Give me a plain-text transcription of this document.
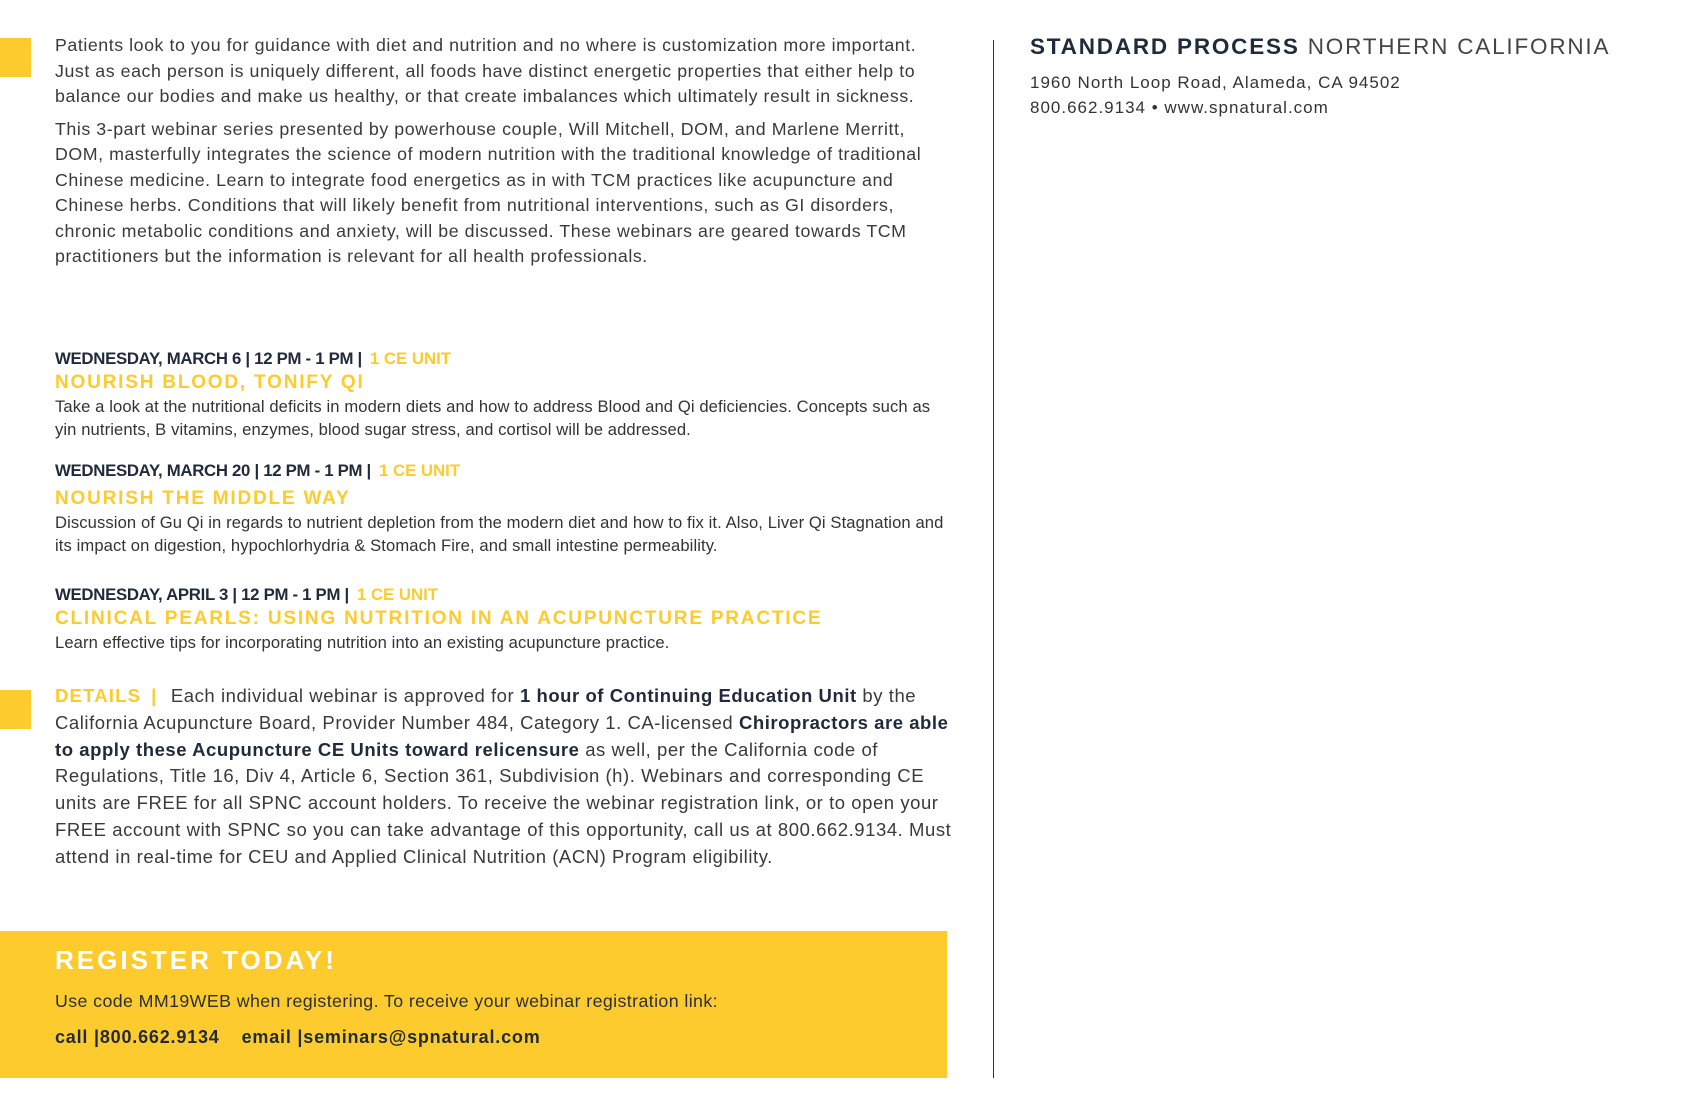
Patients look to you for guidance with diet and nutrition and no where is customization more important. Just as each person is uniquely different, all foods have distinct energetic properties that either help to balance our bodies and make us healthy, or that create imbalances which ultimately result in sickness.

This 3-part webinar series presented by powerhouse couple, Will Mitchell, DOM, and Marlene Merritt, DOM, masterfully integrates the science of modern nutrition with the traditional knowledge of traditional Chinese medicine. Learn to integrate food energetics as in with TCM practices like acupuncture and Chinese herbs. Conditions that will likely benefit from nutritional interventions, such as GI disorders, chronic metabolic conditions and anxiety, will be discussed. These webinars are geared towards TCM practitioners but the information is relevant for all health professionals.

WEDNESDAY, MARCH 6 | 12 PM - 1 PM | 1 CE UNIT
NOURISH BLOOD, TONIFY QI
Take a look at the nutritional deficits in modern diets and how to address Blood and Qi deficiencies. Concepts such as yin nutrients, B vitamins, enzymes, blood sugar stress, and cortisol will be addressed.
WEDNESDAY, MARCH 20 | 12 PM - 1 PM | 1 CE UNIT
NOURISH THE MIDDLE WAY
Discussion of Gu Qi in regards to nutrient depletion from the modern diet and how to fix it. Also, Liver Qi Stagnation and its impact on digestion, hypochlorhydria & Stomach Fire, and small intestine permeability.
WEDNESDAY, APRIL 3 | 12 PM - 1 PM | 1 CE UNIT
CLINICAL PEARLS: USING NUTRITION IN AN ACUPUNCTURE PRACTICE
Learn effective tips for incorporating nutrition into an existing acupuncture practice.
DETAILS | Each individual webinar is approved for 1 hour of Continuing Education Unit by the California Acupuncture Board, Provider Number 484, Category 1. CA-licensed Chiropractors are able to apply these Acupuncture CE Units toward relicensure as well, per the California code of Regulations, Title 16, Div 4, Article 6, Section 361, Subdivision (h). Webinars and corresponding CE units are FREE for all SPNC account holders. To receive the webinar registration link, or to open your FREE account with SPNC so you can take advantage of this opportunity, call us at 800.662.9134. Must attend in real-time for CEU and Applied Clinical Nutrition (ACN) Program eligibility.
REGISTER TODAY!
Use code MM19WEB when registering. To receive your webinar registration link:
call |800.662.9134 email |seminars@spnatural.com
STANDARD PROCESS NORTHERN CALIFORNIA
1960 North Loop Road, Alameda, CA 94502
800.662.9134 • www.spnatural.com
